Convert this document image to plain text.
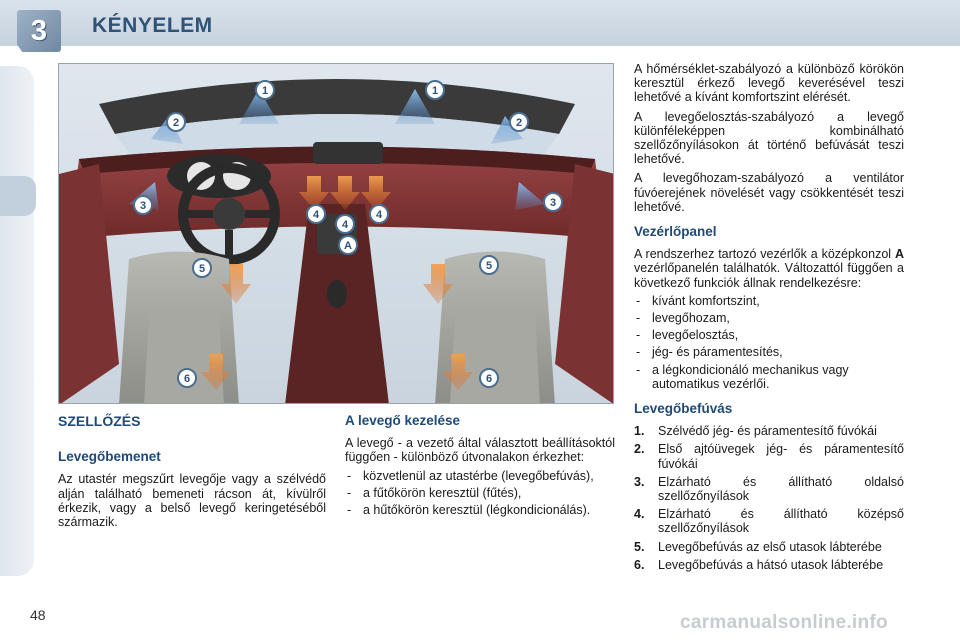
3	KÉNYELEM
1	1
2	2
3	3
4
4
4
A
5	5
6	6
SZELLŐZÉS
Levegőbemenet

Az utastér megszűrt levegője vagy a szélvédő alján található bemeneti rácson át, kívülről érkezik, vagy a belső levegő keringetéséből származik.

A levegő kezelése

A levegő - a vezető által választott beállításoktól függően - különböző útvonalakon érkezhet:

- közvetlenül az utastérbe (levegőbefúvás),
- a fűtőkörön keresztül (fűtés),
- a hűtőkörön keresztül (légkondicionálás).

A hőmérséklet-szabályozó a különböző körökön keresztül érkező levegő keverésével teszi lehetővé a kívánt komfortszint elérését.

A levegőelosztás-szabályozó a levegő különféleképpen kombinálható szellőzőnyílásokon át történő befúvását teszi lehetővé.

A levegőhozam-szabályozó a ventilátor fúvóerejének növelését vagy csökkentését teszi lehetővé.

Vezérlőpanel

A rendszerhez tartozó vezérlők a középkonzol A vezérlőpanelén találhatók. Változattól függően a következő funkciók állnak rendelkezésre:

- kívánt komfortszint,
- levegőhozam,
- levegőelosztás,
- jég- és páramentesítés,
- a légkondicionáló mechanikus vagy automatikus vezérlői.
Levegőbefúvás
1.	Szélvédő jég- és páramentesítő fúvókái
2.	Első ajtóüvegek jég- és páramentesítő fúvókái
3.	Elzárható és állítható oldalsó szellőzőnyílások
4.	Elzárható és állítható középső szellőzőnyílások
5.	Levegőbefúvás az első utasok lábterébe
6.	Levegőbefúvás a hátsó utasok lábterébe
48	carmanualsonline.info
